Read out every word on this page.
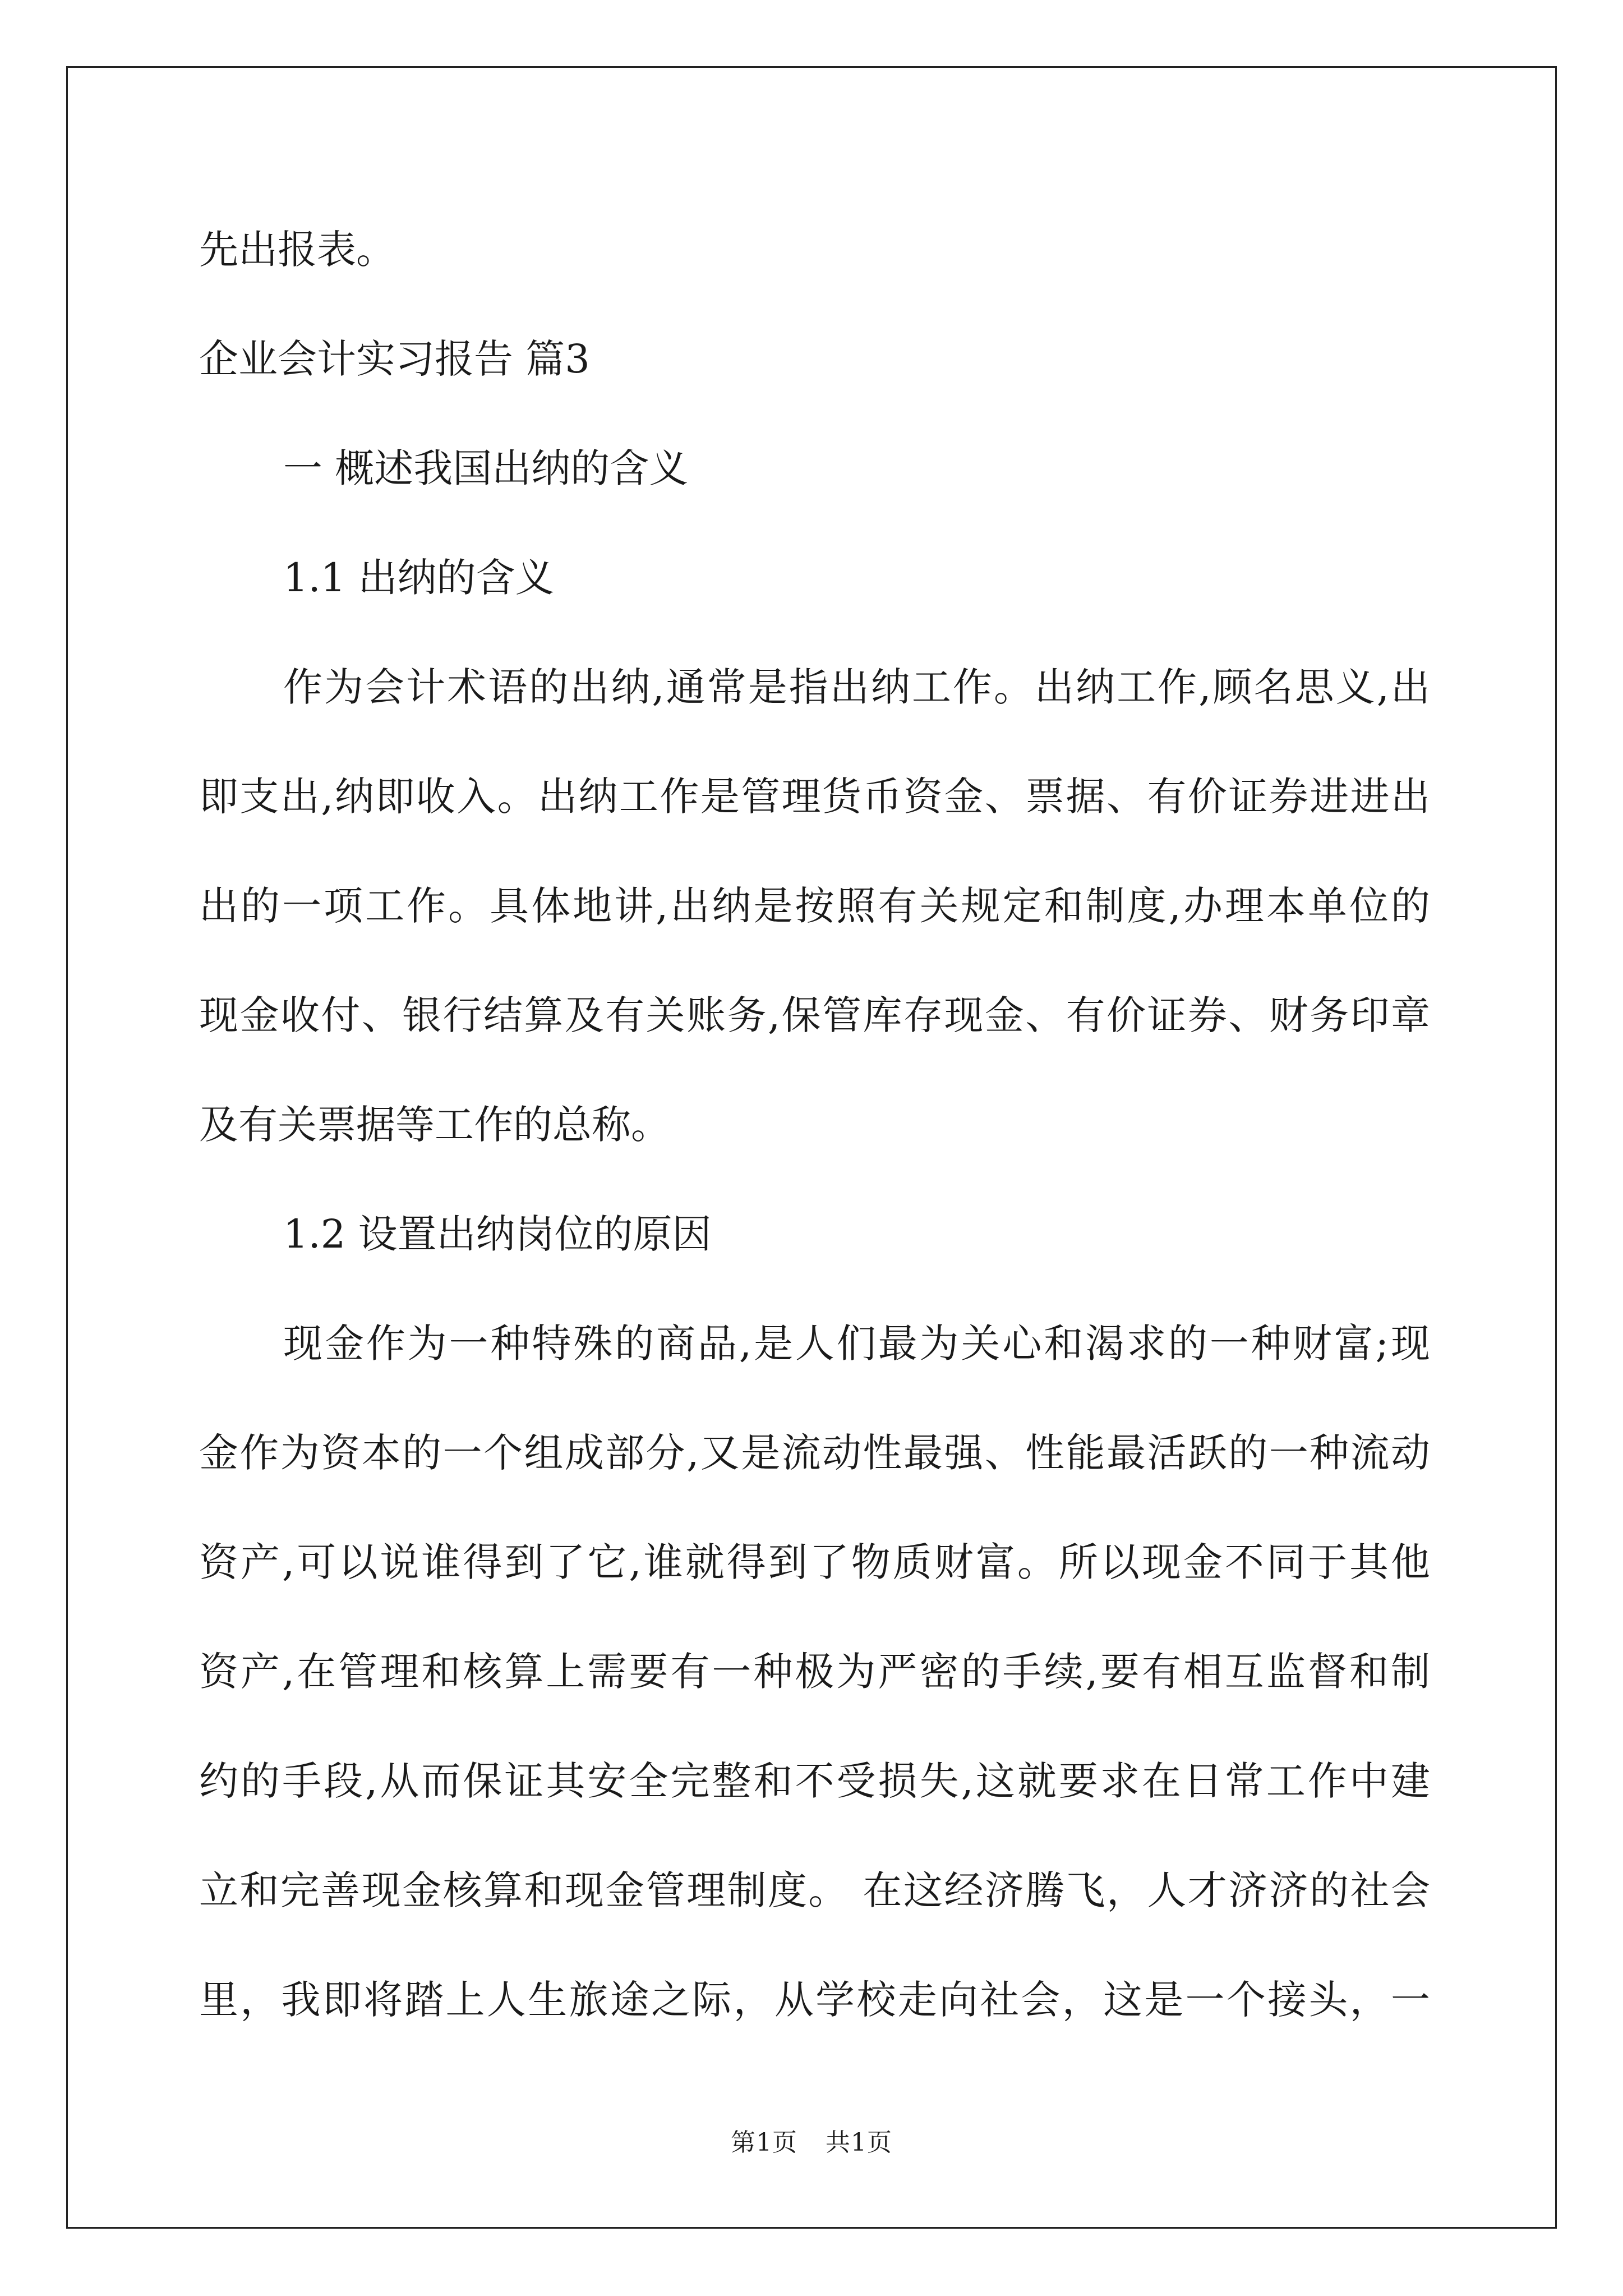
先出报表。
企业会计实习报告 篇3
一 概述我国出纳的含义
1.1 出纳的含义
作为会计术语的出纳,通常是指出纳工作。出纳工作,顾名思义,出
即支出,纳即收入。出纳工作是管理货币资金、票据、有价证券进进出
出的一项工作。具体地讲,出纳是按照有关规定和制度,办理本单位的
现金收付、银行结算及有关账务,保管库存现金、有价证券、财务印章
及有关票据等工作的总称。
1.2 设置出纳岗位的原因
现金作为一种特殊的商品,是人们最为关心和渴求的一种财富;现
金作为资本的一个组成部分,又是流动性最强、性能最活跃的一种流动
资产,可以说谁得到了它,谁就得到了物质财富。所以现金不同于其他
资产,在管理和核算上需要有一种极为严密的手续,要有相互监督和制
约的手段,从而保证其安全完整和不受损失,这就要求在日常工作中建
立和完善现金核算和现金管理制度。 在这经济腾飞，人才济济的社会
里，我即将踏上人生旅途之际，从学校走向社会，这是一个接头，一
第1页 共1页
